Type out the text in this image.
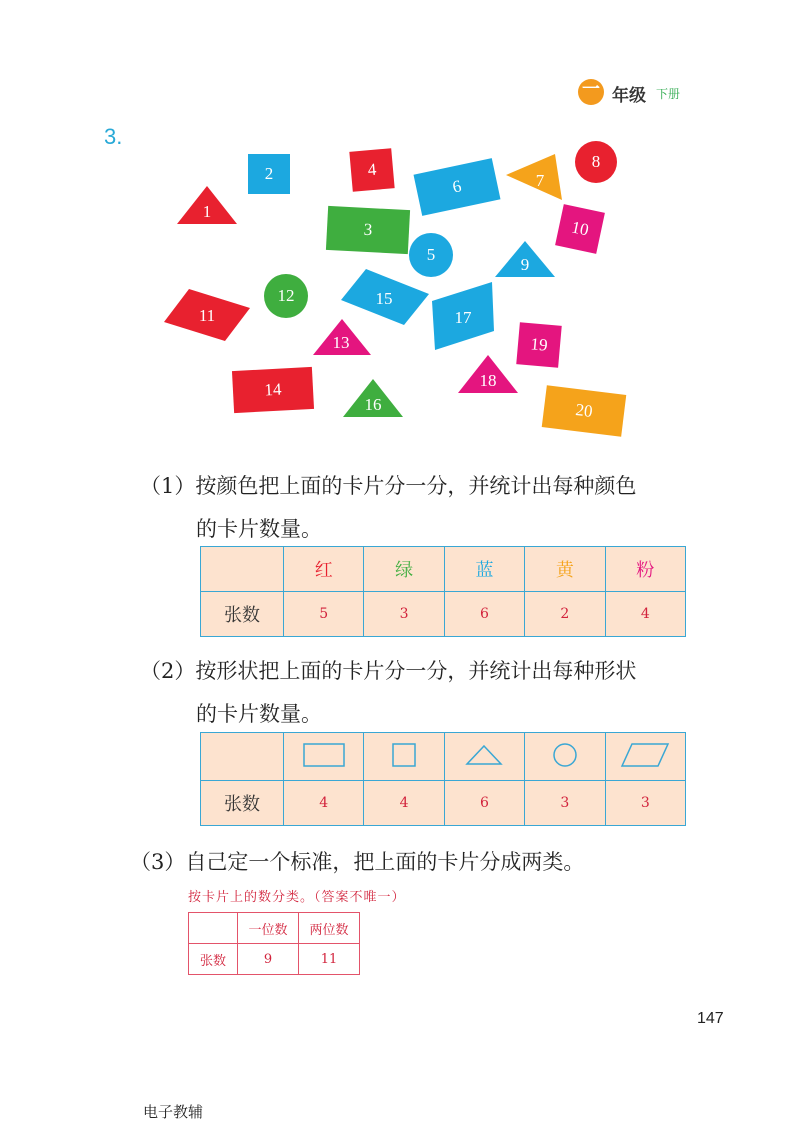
一 年级 下册
3.
1
2
3
4
5
6	7
8
9
10
11
12
13
14
15
16
17
18
19
20
（1）按颜色把上面的卡片分一分，并统计出每种颜色
的卡片数量。
	红	绿	蓝	黄	粉
张数	5	3	6	2	4
（2）按形状把上面的卡片分一分，并统计出每种形状
的卡片数量。

张数	4	4	6	3	3
（3）自己定一个标准，把上面的卡片分成两类。
按卡片上的数分类。（答案不唯一）
	一位数	两位数
张数	9	11
147
电子教辅
